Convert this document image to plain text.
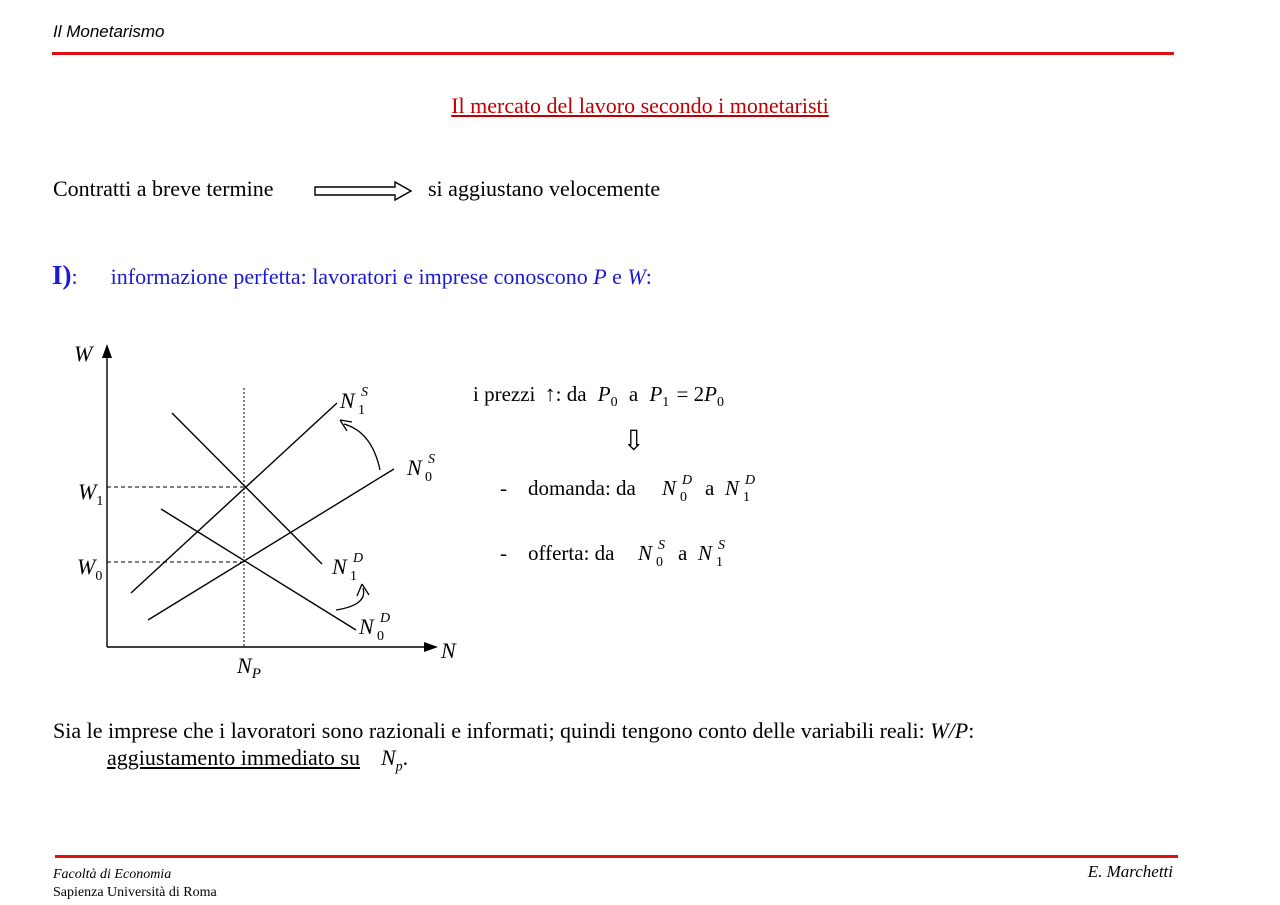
Il Monetarismo
Il mercato del lavoro secondo i monetaristi
Contratti a breve termine	si aggiustano velocemente
I): informazione perfetta: lavoratori e imprese conoscono P e W:
W
N
$W_1$
$W_0$
$N_P$
N S
1
N S
0
N D
1
N D
0
i prezzi ↑: da $P_0$ a $P_1 = 2P_0$
⇩
- domanda: da N D
0 a N D
1
- offerta: da N S
0 a N S
1
Sia le imprese che i lavoratori sono razionali e informati; quindi tengono conto delle variabili reali: W/P:
aggiustamento immediato su $N_p$.
Facoltà di Economia
Sapienza Università di Roma
E. Marchetti
